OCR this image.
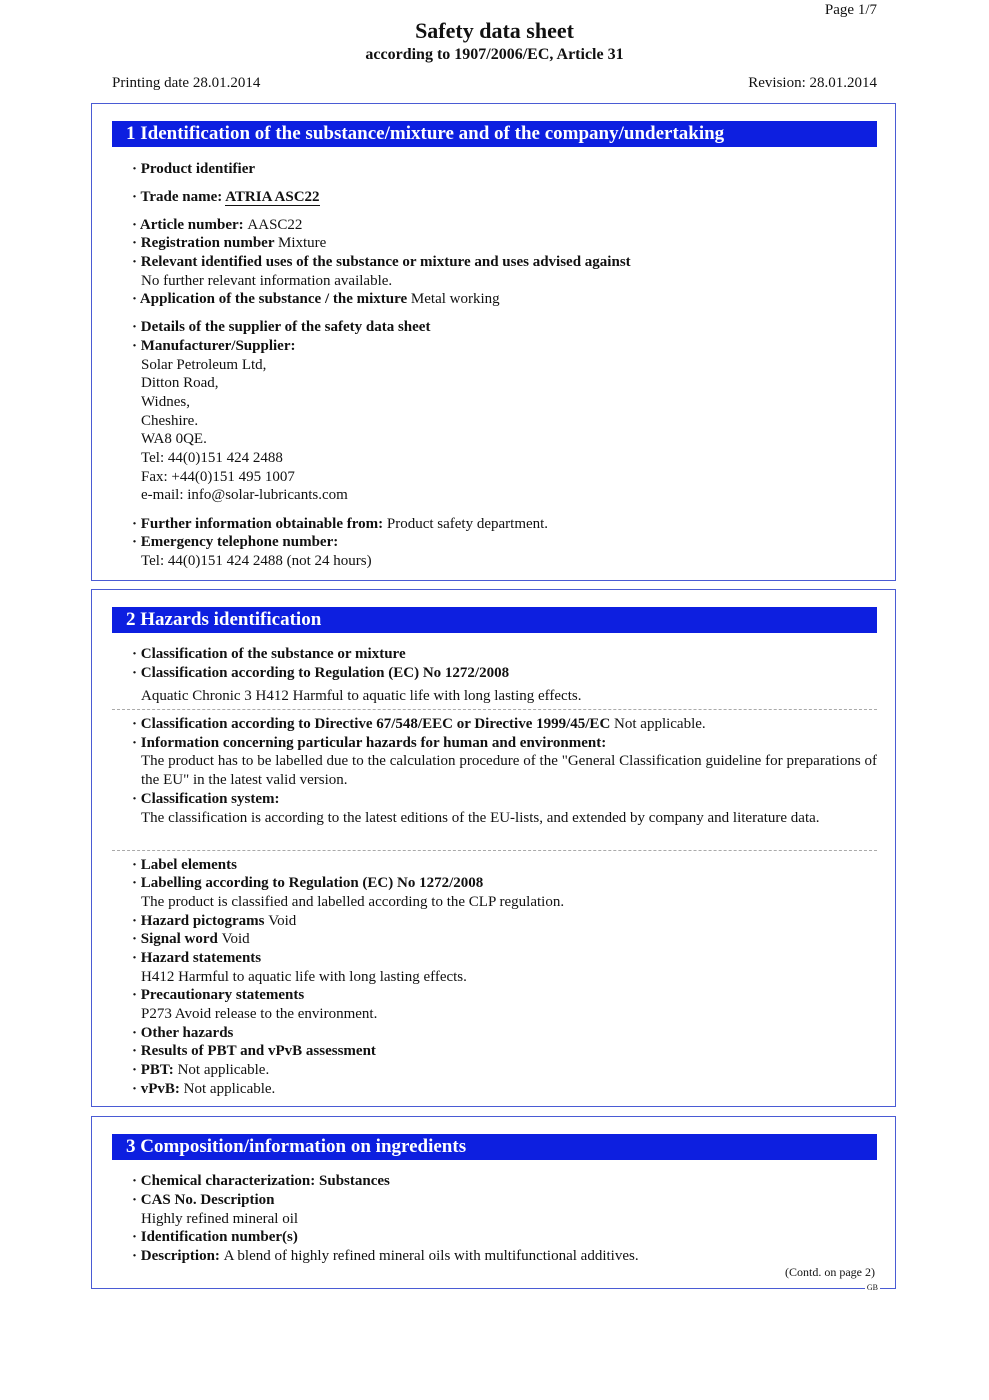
Page 1/7
Safety data sheet
according to 1907/2006/EC, Article 31
Printing date 28.01.2014	Revision: 28.01.2014
1 Identification of the substance/mixture and of the company/undertaking
· Product identifier
· Trade name: ATRIA ASC22
· Article number: AASC22
· Registration number Mixture
· Relevant identified uses of the substance or mixture and uses advised against
No further relevant information available.
· Application of the substance / the mixture Metal working
· Details of the supplier of the safety data sheet
· Manufacturer/Supplier:
Solar Petroleum Ltd,
Ditton Road,
Widnes,
Cheshire.
WA8 0QE.
Tel: 44(0)151 424 2488
Fax: +44(0)151 495 1007
e-mail: info@solar-lubricants.com
· Further information obtainable from: Product safety department.
· Emergency telephone number:
Tel: 44(0)151 424 2488 (not 24 hours)
2 Hazards identification
· Classification of the substance or mixture
· Classification according to Regulation (EC) No 1272/2008
Aquatic Chronic 3 H412 Harmful to aquatic life with long lasting effects.
· Classification according to Directive 67/548/EEC or Directive 1999/45/EC Not applicable.
· Information concerning particular hazards for human and environment:
The product has to be labelled due to the calculation procedure of the "General Classification guideline for preparations of the EU" in the latest valid version.
· Classification system:
The classification is according to the latest editions of the EU-lists, and extended by company and literature data.
· Label elements
· Labelling according to Regulation (EC) No 1272/2008
The product is classified and labelled according to the CLP regulation.
· Hazard pictograms Void
· Signal word Void
· Hazard statements
H412 Harmful to aquatic life with long lasting effects.
· Precautionary statements
P273 Avoid release to the environment.
· Other hazards
· Results of PBT and vPvB assessment
· PBT: Not applicable.
· vPvB: Not applicable.
3 Composition/information on ingredients
· Chemical characterization: Substances
· CAS No. Description
Highly refined mineral oil
· Identification number(s)
· Description: A blend of highly refined mineral oils with multifunctional additives.
(Contd. on page 2)
GB
